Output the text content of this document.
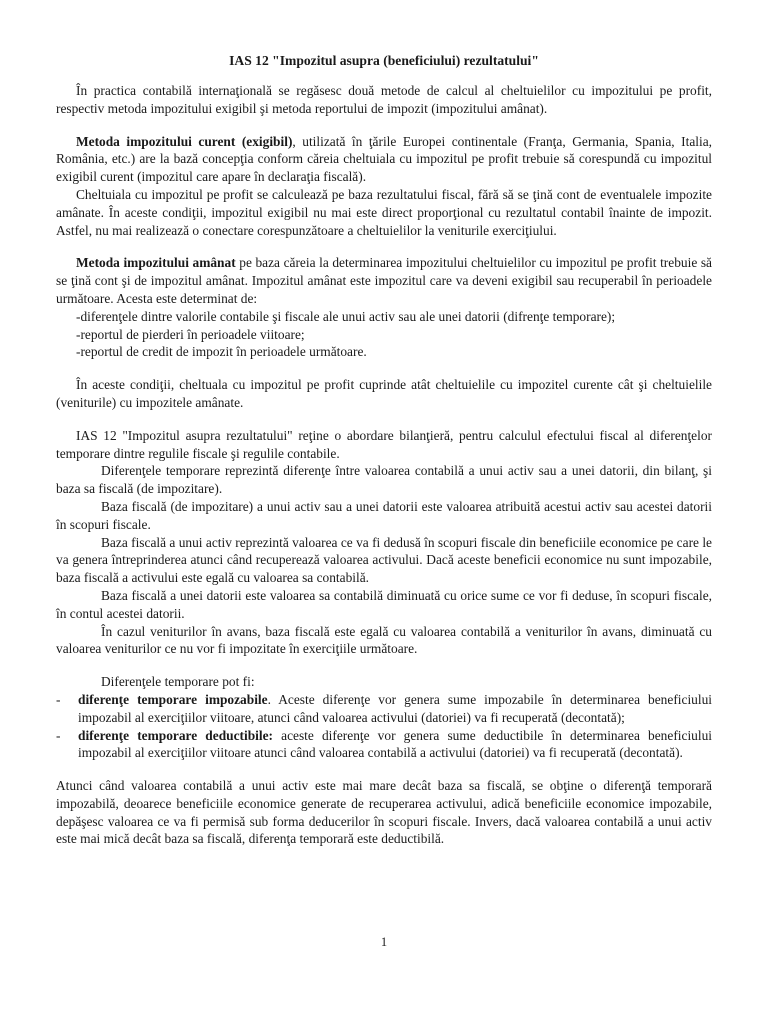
IAS 12 "Impozitul asupra (beneficiului) rezultatului"

În practica contabilă internaţională se regăsesc două metode de calcul al cheltuielilor cu impozitului pe profit, respectiv metoda impozitului exigibil şi metoda reportului de impozit (impozitului amânat).

Metoda impozitului curent (exigibil), utilizată în ţările Europei continentale (Franţa, Germania, Spania, Italia, România, etc.) are la bază concepţia conform căreia cheltuiala cu impozitul pe profit trebuie să corespundă cu impozitul exigibil curent (impozitul care apare în declaraţia fiscală).

Cheltuiala cu impozitul pe profit se calculează pe baza rezultatului fiscal, fără să se ţină cont de eventualele impozite amânate. În aceste condiţii, impozitul exigibil nu mai este direct proporţional cu rezultatul contabil înainte de impozit. Astfel, nu mai realizează o conectare corespunzătoare a cheltuielilor la veniturile exerciţiului.

Metoda impozitului amânat pe baza căreia la determinarea impozitului cheltuielilor cu impozitul pe profit trebuie să se ţină cont şi de impozitul amânat. Impozitul amânat este impozitul care va deveni exigibil sau recuperabil în perioadele următoare. Acesta este determinat de:

-diferenţele dintre valorile contabile şi fiscale ale unui activ sau ale unei datorii (difrenţe temporare);
-reportul de pierderi în perioadele viitoare;
-reportul de credit de impozit în perioadele următoare.

În aceste condiţii, cheltuala cu impozitul pe profit cuprinde atât cheltuielile cu impozitel curente cât şi cheltuielile (veniturile) cu impozitele amânate.

IAS 12 "Impozitul asupra rezultatului" reţine o abordare bilanţieră, pentru calculul efectului fiscal al diferenţelor temporare dintre regulile fiscale şi regulile contabile.

Diferenţele temporare reprezintă diferenţe între valoarea contabilă a unui activ sau a unei datorii, din bilanţ, şi baza sa fiscală (de impozitare).

Baza fiscală (de impozitare) a unui activ sau a unei datorii este valoarea atribuită acestui activ sau acestei datorii în scopuri fiscale.

Baza fiscală a unui activ reprezintă valoarea ce va fi dedusă în scopuri fiscale din beneficiile economice pe care le va genera întreprinderea atunci când recuperează valoarea activului. Dacă aceste beneficii economice nu sunt impozabile, baza fiscală a activului este egală cu valoarea sa contabilă.

Baza fiscală a unei datorii este valoarea sa contabilă diminuată cu orice sume ce vor fi deduse, în scopuri fiscale, în contul acestei datorii.

În cazul veniturilor în avans, baza fiscală este egală cu valoarea contabilă a veniturilor în avans, diminuată cu valoarea veniturilor ce nu vor fi impozitate în exerciţiile următoare.

Diferenţele temporare pot fi:

- diferenţe temporare impozabile. Aceste diferenţe vor genera sume impozabile în determinarea beneficiului impozabil al exerciţiilor viitoare, atunci când valoarea activului (datoriei) va fi recuperată (decontată);
- diferenţe temporare deductibile: aceste diferenţe vor genera sume deductibile în determinarea beneficiului impozabil al exerciţiilor viitoare atunci când valoarea contabilă a activului (datoriei) va fi recuperată (decontată).

Atunci când valoarea contabilă a unui activ este mai mare decât baza sa fiscală, se obţine o diferenţă temporară impozabilă, deoarece beneficiile economice generate de recuperarea activului, adică beneficiile economice impozabile, depăşesc valoarea ce va fi permisă sub forma deducerilor în scopuri fiscale. Invers, dacă valoarea contabilă a unui activ este mai mică decât baza sa fiscală, diferenţa temporară este deductibilă.

1
